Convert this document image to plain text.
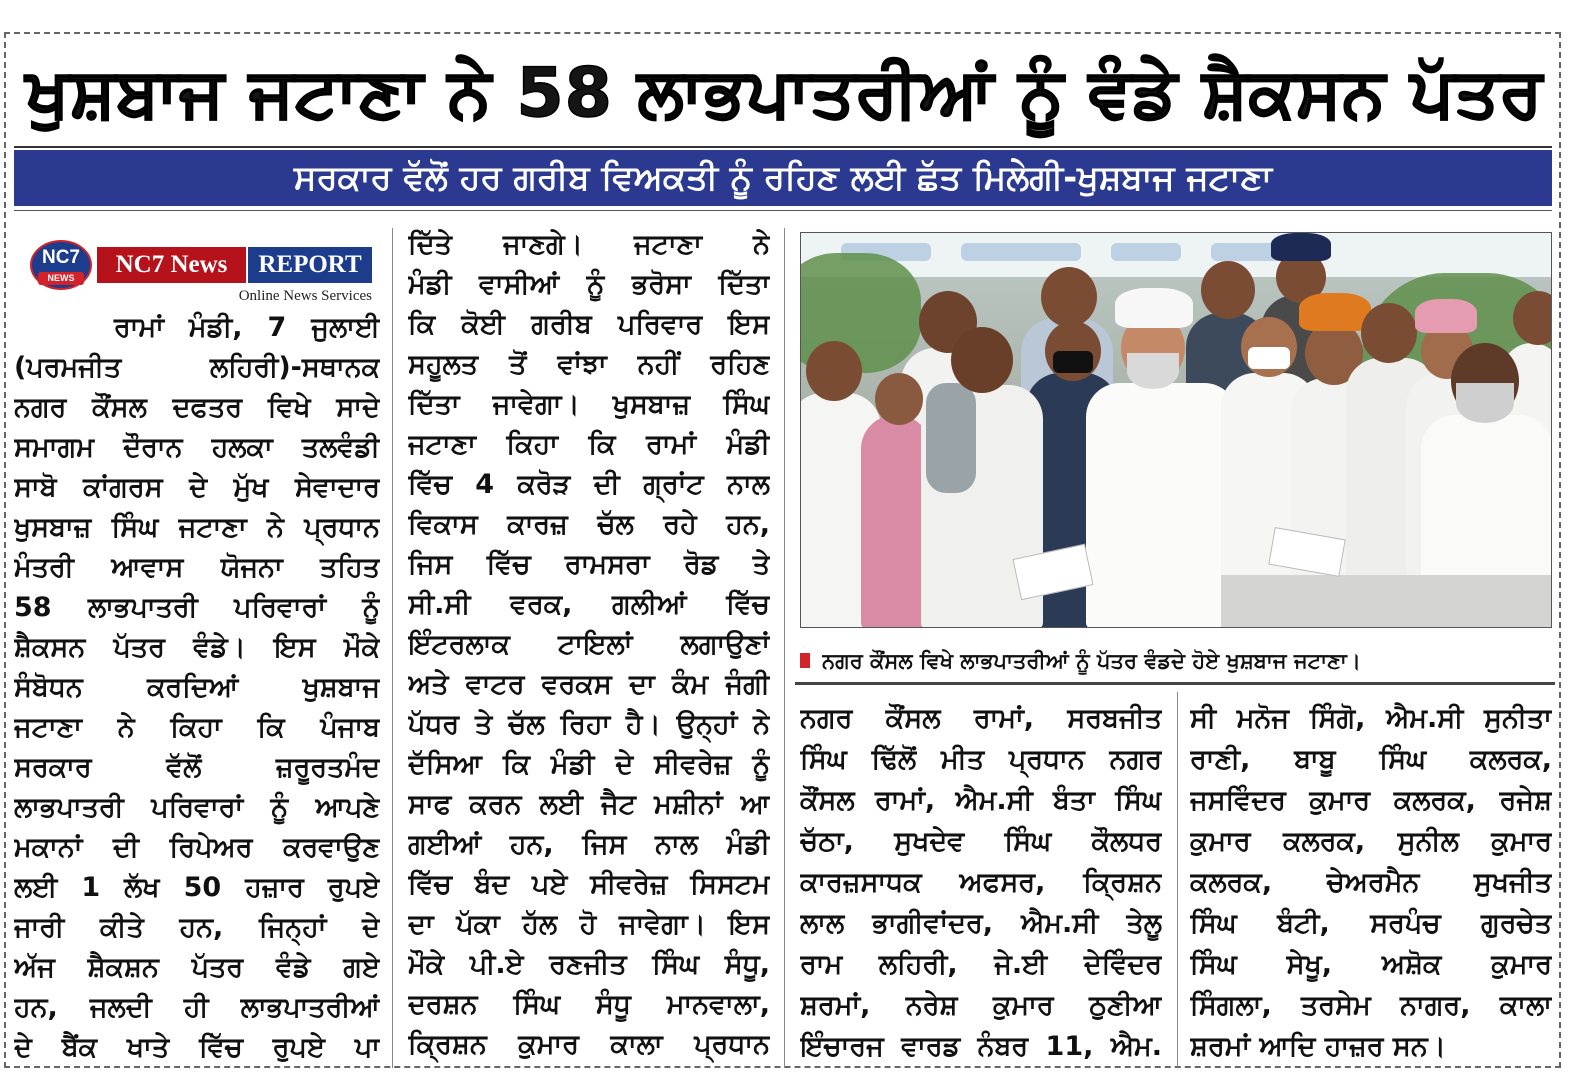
ਖੁਸ਼ਬਾਜ ਜਟਾਣਾ ਨੇ 58 ਲਾਭਪਾਤਰੀਆਂ ਨੂੰ ਵੰਡੇ ਸ਼ੈਕਸਨ ਪੱਤਰ
ਸਰਕਾਰ ਵੱਲੋਂ ਹਰ ਗਰੀਬ ਵਿਅਕਤੀ ਨੂੰ ਰਹਿਣ ਲਈ ਛੱਤ ਮਿਲੇਗੀ-ਖੁਸ਼ਬਾਜ ਜਟਾਣਾ
NC7
NEWS	NC7 News	REPORT
Online News Services
ਰਾਮਾਂ ਮੰਡੀ, 7 ਜੁਲਾਈ
(ਪਰਮਜੀਤ ਲਹਿਰੀ)-ਸਥਾਨਕ
ਨਗਰ ਕੌਂਸਲ ਦਫਤਰ ਵਿਖੇ ਸਾਦੇ
ਸਮਾਗਮ ਦੌਰਾਨ ਹਲਕਾ ਤਲਵੰਡੀ
ਸਾਬੋ ਕਾਂਗਰਸ ਦੇ ਮੁੱਖ ਸੇਵਾਦਾਰ
ਖੁਸਬਾਜ਼ ਸਿੰਘ ਜਟਾਣਾ ਨੇ ਪ੍ਰਧਾਨ
ਮੰਤਰੀ ਆਵਾਸ ਯੋਜਨਾ ਤਹਿਤ
58 ਲਾਭਪਾਤਰੀ ਪਰਿਵਾਰਾਂ ਨੂੰ
ਸ਼ੈਕਸਨ ਪੱਤਰ ਵੰਡੇ। ਇਸ ਮੌਕੇ
ਸੰਬੋਧਨ ਕਰਦਿਆਂ ਖੁਸ਼ਬਾਜ
ਜਟਾਣਾ ਨੇ ਕਿਹਾ ਕਿ ਪੰਜਾਬ
ਸਰਕਾਰ ਵੱਲੋਂ ਜ਼ਰੂਰਤਮੰਦ
ਲਾਭਪਾਤਰੀ ਪਰਿਵਾਰਾਂ ਨੂੰ ਆਪਣੇ
ਮਕਾਨਾਂ ਦੀ ਰਿਪੇਅਰ ਕਰਵਾਉਣ
ਲਈ 1 ਲੱਖ 50 ਹਜ਼ਾਰ ਰੁਪਏ
ਜਾਰੀ ਕੀਤੇ ਹਨ, ਜਿਨ੍ਹਾਂ ਦੇ
ਅੱਜ ਸ਼ੈਕਸ਼ਨ ਪੱਤਰ ਵੰਡੇ ਗਏ
ਹਨ, ਜਲਦੀ ਹੀ ਲਾਭਪਾਤਰੀਆਂ
ਦੇ ਬੈਂਕ ਖਾਤੇ ਵਿੱਚ ਰੁਪਏ ਪਾ
ਦਿੱਤੇ ਜਾਣਗੇ। ਜਟਾਣਾ ਨੇ
ਮੰਡੀ ਵਾਸੀਆਂ ਨੂੰ ਭਰੋਸਾ ਦਿੱਤਾ
ਕਿ ਕੋਈ ਗਰੀਬ ਪਰਿਵਾਰ ਇਸ
ਸਹੂਲਤ ਤੋਂ ਵਾਂਝਾ ਨਹੀਂ ਰਹਿਣ
ਦਿੱਤਾ ਜਾਵੇਗਾ। ਖੁਸਬਾਜ਼ ਸਿੰਘ
ਜਟਾਣਾ ਕਿਹਾ ਕਿ ਰਾਮਾਂ ਮੰਡੀ
ਵਿੱਚ 4 ਕਰੋੜ ਦੀ ਗ੍ਰਾਂਟ ਨਾਲ
ਵਿਕਾਸ ਕਾਰਜ਼ ਚੱਲ ਰਹੇ ਹਨ,
ਜਿਸ ਵਿੱਚ ਰਾਮਸਰਾ ਰੋਡ ਤੇ
ਸੀ.ਸੀ ਵਰਕ, ਗਲੀਆਂ ਵਿੱਚ
ਇੰਟਰਲਾਕ ਟਾਇਲਾਂ ਲਗਾਉਣਾਂ
ਅਤੇ ਵਾਟਰ ਵਰਕਸ ਦਾ ਕੰਮ ਜੰਗੀ
ਪੱਧਰ ਤੇ ਚੱਲ ਰਿਹਾ ਹੈ। ਉਨ੍ਹਾਂ ਨੇ
ਦੱਸਿਆ ਕਿ ਮੰਡੀ ਦੇ ਸੀਵਰੇਜ਼ ਨੂੰ
ਸਾਫ ਕਰਨ ਲਈ ਜੈਟ ਮਸ਼ੀਨਾਂ ਆ
ਗਈਆਂ ਹਨ, ਜਿਸ ਨਾਲ ਮੰਡੀ
ਵਿੱਚ ਬੰਦ ਪਏ ਸੀਵਰੇਜ਼ ਸਿਸਟਮ
ਦਾ ਪੱਕਾ ਹੱਲ ਹੋ ਜਾਵੇਗਾ। ਇਸ
ਮੌਕੇ ਪੀ.ਏ ਰਣਜੀਤ ਸਿੰਘ ਸੰਧੂ,
ਦਰਸ਼ਨ ਸਿੰਘ ਸੰਧੂ ਮਾਨਵਾਲਾ,
ਕ੍ਰਿਸ਼ਨ ਕੁਮਾਰ ਕਾਲਾ ਪ੍ਰਧਾਨ
ਨਗਰ ਕੌਂਸਲ ਵਿਖੇ ਲਾਭਪਾਤਰੀਆਂ ਨੂੰ ਪੱਤਰ ਵੰਡਦੇ ਹੋਏ ਖੁਸ਼ਬਾਜ ਜਟਾਣਾ।
ਨਗਰ ਕੌਂਸਲ ਰਾਮਾਂ, ਸਰਬਜੀਤ
ਸਿੰਘ ਢਿੱਲੋਂ ਮੀਤ ਪ੍ਰਧਾਨ ਨਗਰ
ਕੌਂਸਲ ਰਾਮਾਂ, ਐਮ.ਸੀ ਬੰਤਾ ਸਿੰਘ
ਚੱਠਾ, ਸੁਖਦੇਵ ਸਿੰਘ ਕੌਲਧਰ
ਕਾਰਜ਼ਸਾਧਕ ਅਫਸਰ, ਕ੍ਰਿਸ਼ਨ
ਲਾਲ ਭਾਗੀਵਾਂਦਰ, ਐਮ.ਸੀ ਤੇਲੂ
ਰਾਮ ਲਹਿਰੀ, ਜੇ.ਈ ਦੇਵਿੰਦਰ
ਸ਼ਰਮਾਂ, ਨਰੇਸ਼ ਕੁਮਾਰ ਠੁਣੀਆ
ਇੰਚਾਰਜ ਵਾਰਡ ਨੰਬਰ 11, ਐਮ.
ਸੀ ਮਨੋਜ ਸਿੰਗੋ, ਐਮ.ਸੀ ਸੁਨੀਤਾ
ਰਾਣੀ, ਬਾਬੂ ਸਿੰਘ ਕਲਰਕ,
ਜਸਵਿੰਦਰ ਕੁਮਾਰ ਕਲਰਕ, ਰਜੇਸ਼
ਕੁਮਾਰ ਕਲਰਕ, ਸੁਨੀਲ ਕੁਮਾਰ
ਕਲਰਕ, ਚੇਅਰਮੈਨ ਸੁਖਜੀਤ
ਸਿੰਘ ਬੰਟੀ, ਸਰਪੰਚ ਗੁਰਚੇਤ
ਸਿੰਘ ਸੇਖੂ, ਅਸ਼ੋਕ ਕੁਮਾਰ
ਸਿੰਗਲਾ, ਤਰਸੇਮ ਨਾਗਰ, ਕਾਲਾ
ਸ਼ਰਮਾਂ ਆਦਿ ਹਾਜ਼ਰ ਸਨ।
